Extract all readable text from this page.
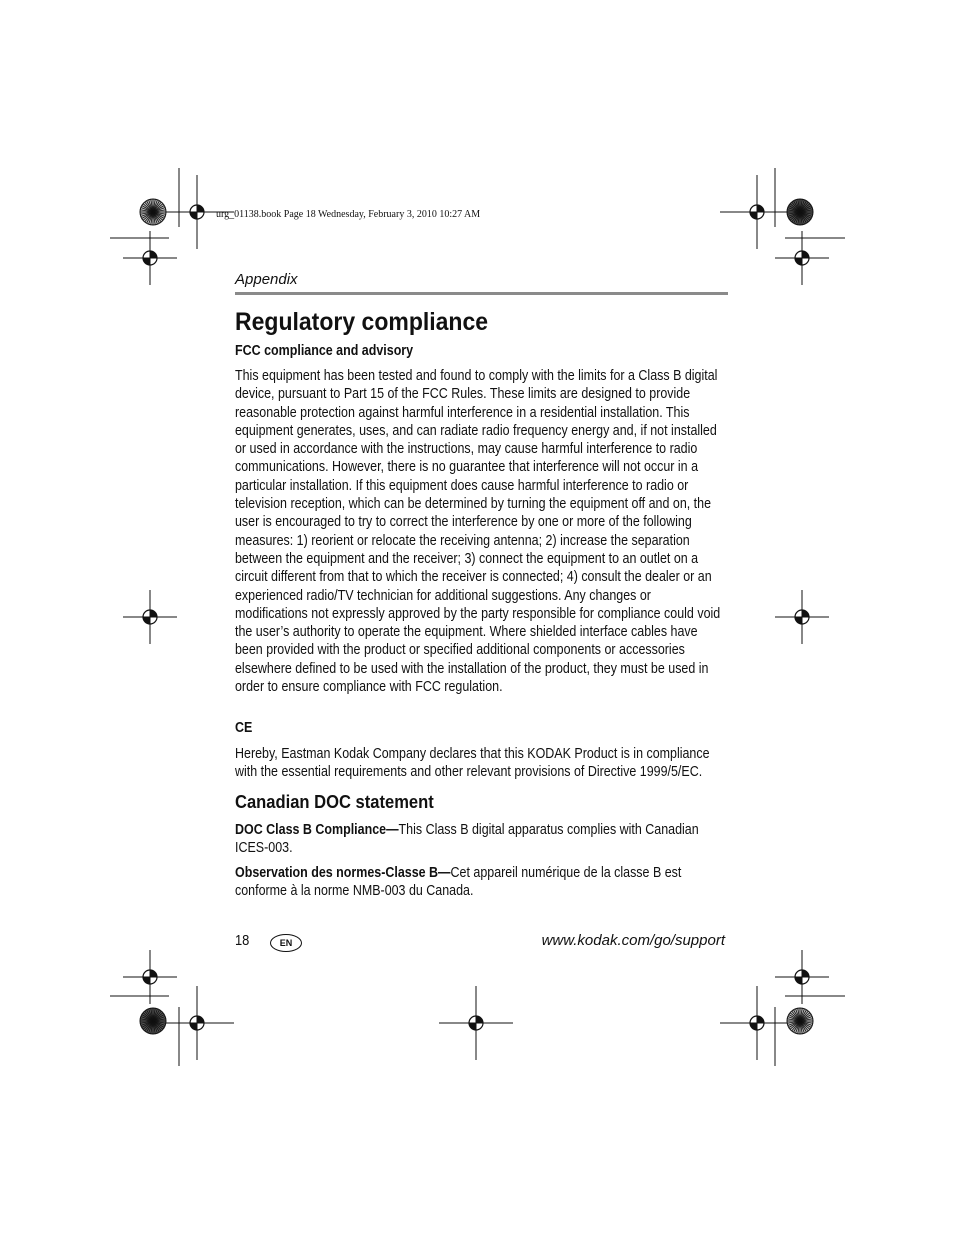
urg_01138.book Page 18 Wednesday, February 3, 2010 10:27 AM
Appendix
Regulatory compliance
FCC compliance and advisory
This equipment has been tested and found to comply with the limits for a Class B digital device, pursuant to Part 15 of the FCC Rules. These limits are designed to provide reasonable protection against harmful interference in a residential installation. This equipment generates, uses, and can radiate radio frequency energy and, if not installed or used in accordance with the instructions, may cause harmful interference to radio communications. However, there is no guarantee that interference will not occur in a particular installation. If this equipment does cause harmful interference to radio or television reception, which can be determined by turning the equipment off and on, the user is encouraged to try to correct the interference by one or more of the following measures: 1) reorient or relocate the receiving antenna; 2) increase the separation between the equipment and the receiver; 3) connect the equipment to an outlet on a circuit different from that to which the receiver is connected; 4) consult the dealer or an experienced radio/TV technician for additional suggestions. Any changes or modifications not expressly approved by the party responsible for compliance could void the user’s authority to operate the equipment. Where shielded interface cables have been provided with the product or specified additional components or accessories elsewhere defined to be used with the installation of the product, they must be used in order to ensure compliance with FCC regulation.
CE
Hereby, Eastman Kodak Company declares that this KODAK Product is in compliance with the essential requirements and other relevant provisions of Directive 1999/5/EC.
Canadian DOC statement
DOC Class B Compliance—This Class B digital apparatus complies with Canadian ICES-003.
Observation des normes-Classe B—Cet appareil numérique de la classe B est conforme à la norme NMB-003 du Canada.
18	EN	www.kodak.com/go/support
